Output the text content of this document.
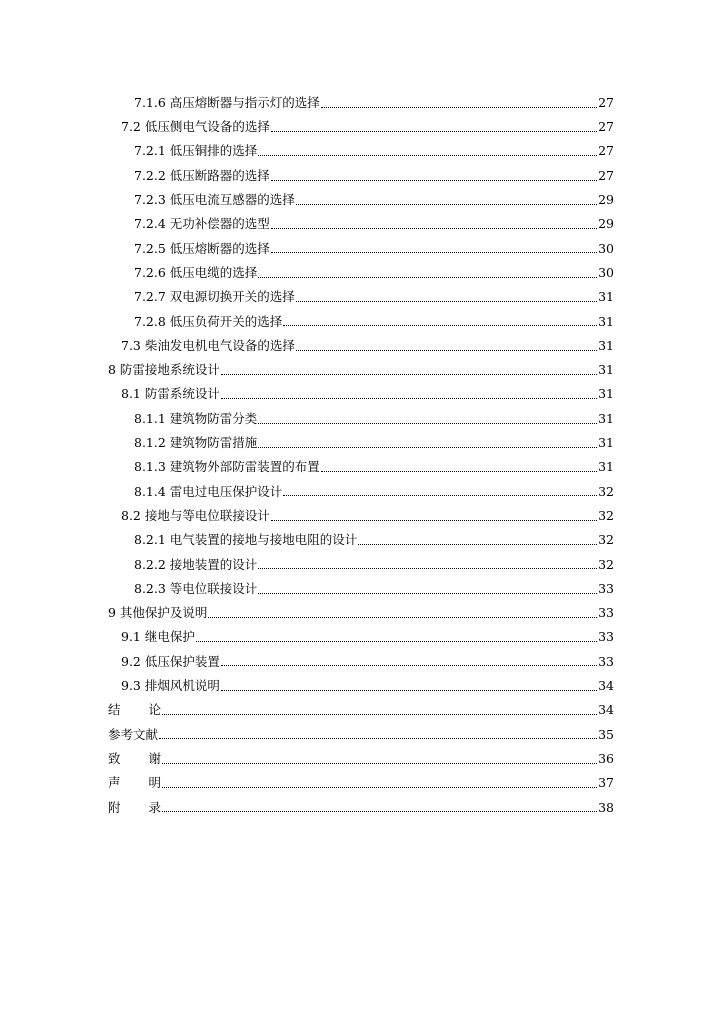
7.1.6 高压熔断器与指示灯的选择	27
7.2 低压侧电气设备的选择	27
7.2.1 低压铜排的选择	27
7.2.2 低压断路器的选择	27
7.2.3 低压电流互感器的选择	29
7.2.4 无功补偿器的选型	29
7.2.5 低压熔断器的选择	30
7.2.6 低压电缆的选择	30
7.2.7 双电源切换开关的选择	31
7.2.8 低压负荷开关的选择	31
7.3 柴油发电机电气设备的选择	31
8 防雷接地系统设计	31
8.1 防雷系统设计	31
8.1.1 建筑物防雷分类	31
8.1.2 建筑物防雷措施	31
8.1.3 建筑物外部防雷装置的布置	31
8.1.4 雷电过电压保护设计	32
8.2 接地与等电位联接设计	32
8.2.1 电气装置的接地与接地电阻的设计	32
8.2.2 接地装置的设计	32
8.2.3 等电位联接设计	33
9 其他保护及说明	33
9.1 继电保护	33
9.2 低压保护装置	33
9.3 排烟风机说明	34
结 论	34
参考文献	35
致 谢	36
声 明	37
附 录	38
